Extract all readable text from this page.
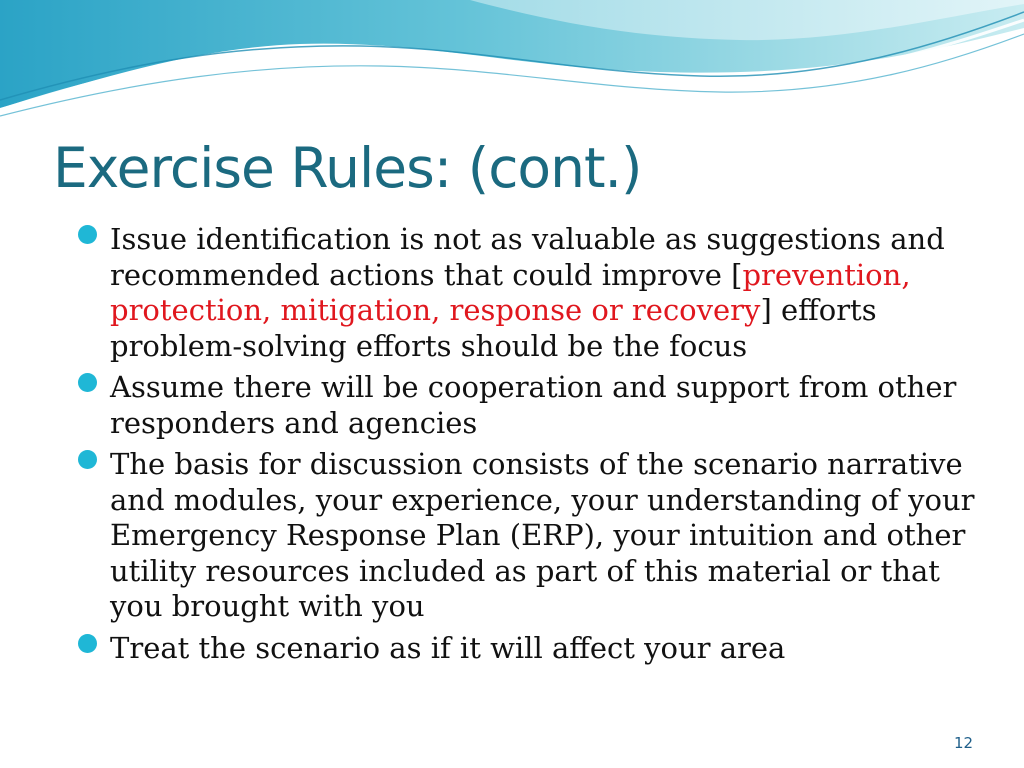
Exercise Rules: (cont.)
Issue identification is not as valuable as suggestions and recommended actions that could improve [prevention, protection, mitigation, response or recovery] efforts   problem-solving efforts should be the focus
Assume there will be cooperation and support from other responders and agencies
The basis for discussion consists of the scenario narrative and modules, your experience, your understanding of your Emergency Response Plan (ERP), your intuition and other utility resources included as part of this material or that you brought with you
Treat the scenario as if it will affect your area
12
